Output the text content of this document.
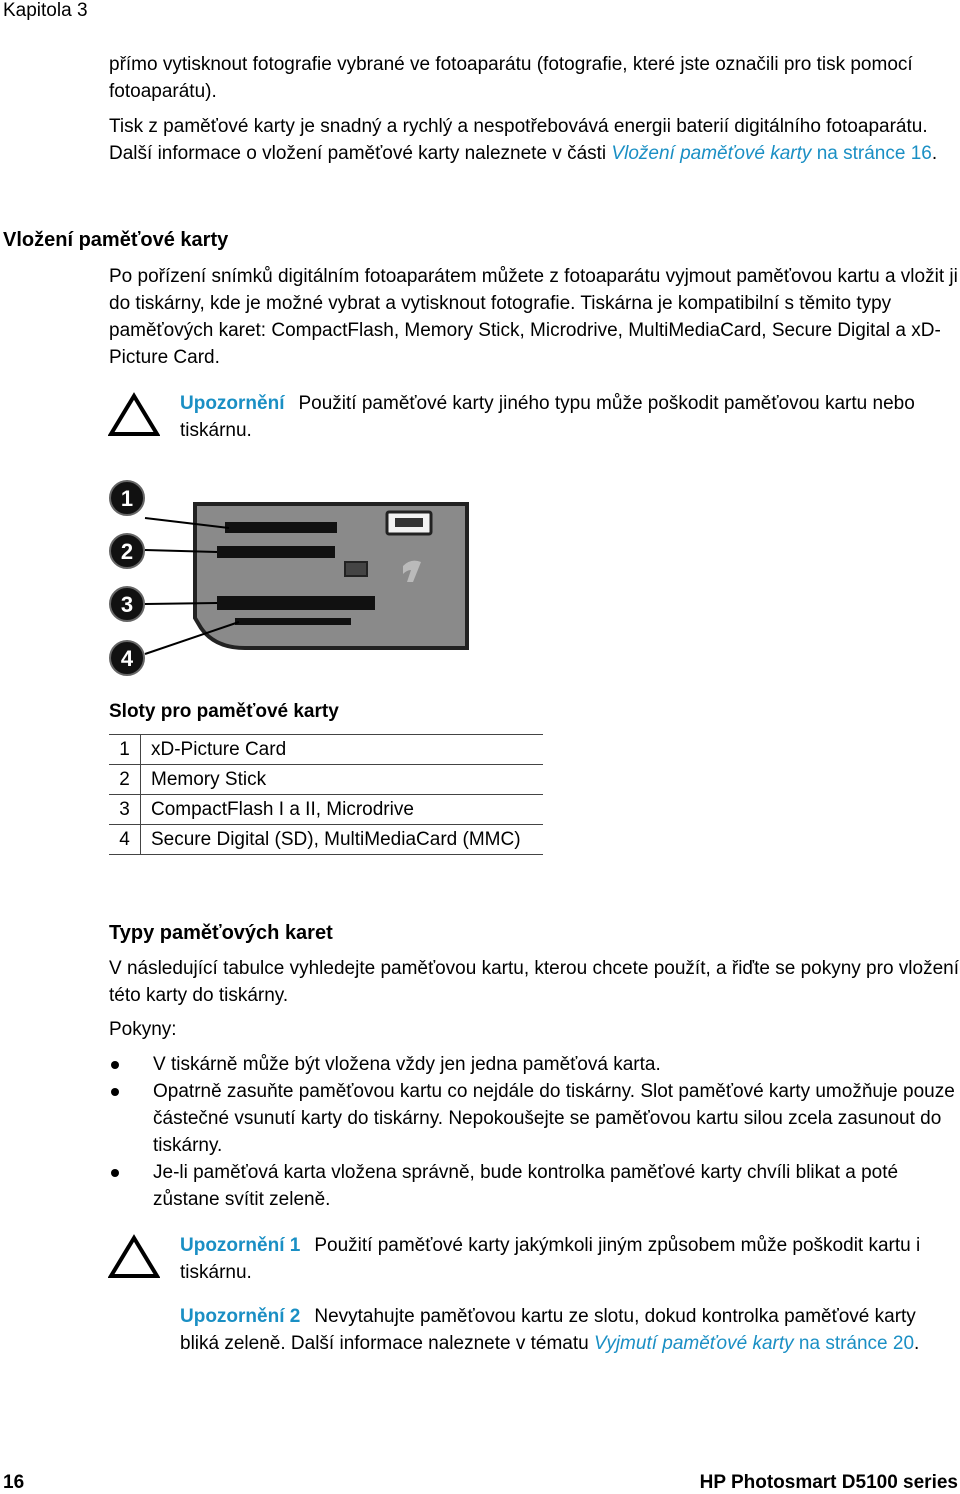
Kapitola 3
přímo vytisknout fotografie vybrané ve fotoaparátu (fotografie, které jste označili pro tisk pomocí fotoaparátu).
Tisk z paměťové karty je snadný a rychlý a nespotřebovává energii baterií digitálního fotoaparátu. Další informace o vložení paměťové karty naleznete v části Vložení paměťové karty na stránce 16.
Vložení paměťové karty
Po pořízení snímků digitálním fotoaparátem můžete z fotoaparátu vyjmout paměťovou kartu a vložit ji do tiskárny, kde je možné vybrat a vytisknout fotografie. Tiskárna je kompatibilní s těmito typy paměťových karet: CompactFlash, Memory Stick, Microdrive, MultiMediaCard, Secure Digital a xD-Picture Card.
Upozornění Použití paměťové karty jiného typu může poškodit paměťovou kartu nebo tiskárnu.
1
2
3
4
Sloty pro paměťové karty
1	xD-Picture Card
2	Memory Stick
3	CompactFlash I a II, Microdrive
4	Secure Digital (SD), MultiMediaCard (MMC)
Typy paměťových karet
V následující tabulce vyhledejte paměťovou kartu, kterou chcete použít, a řiďte se pokyny pro vložení této karty do tiskárny.
Pokyny:
V tiskárně může být vložena vždy jen jedna paměťová karta.
Opatrně zasuňte paměťovou kartu co nejdále do tiskárny. Slot paměťové karty umožňuje pouze částečné vsunutí karty do tiskárny. Nepokoušejte se paměťovou kartu silou zcela zasunout do tiskárny.
Je-li paměťová karta vložena správně, bude kontrolka paměťové karty chvíli blikat a poté zůstane svítit zeleně.
Upozornění 1 Použití paměťové karty jakýmkoli jiným způsobem může poškodit kartu i tiskárnu.
Upozornění 2 Nevytahujte paměťovou kartu ze slotu, dokud kontrolka paměťové karty bliká zeleně. Další informace naleznete v tématu Vyjmutí paměťové karty na stránce 20.
16	HP Photosmart D5100 series
